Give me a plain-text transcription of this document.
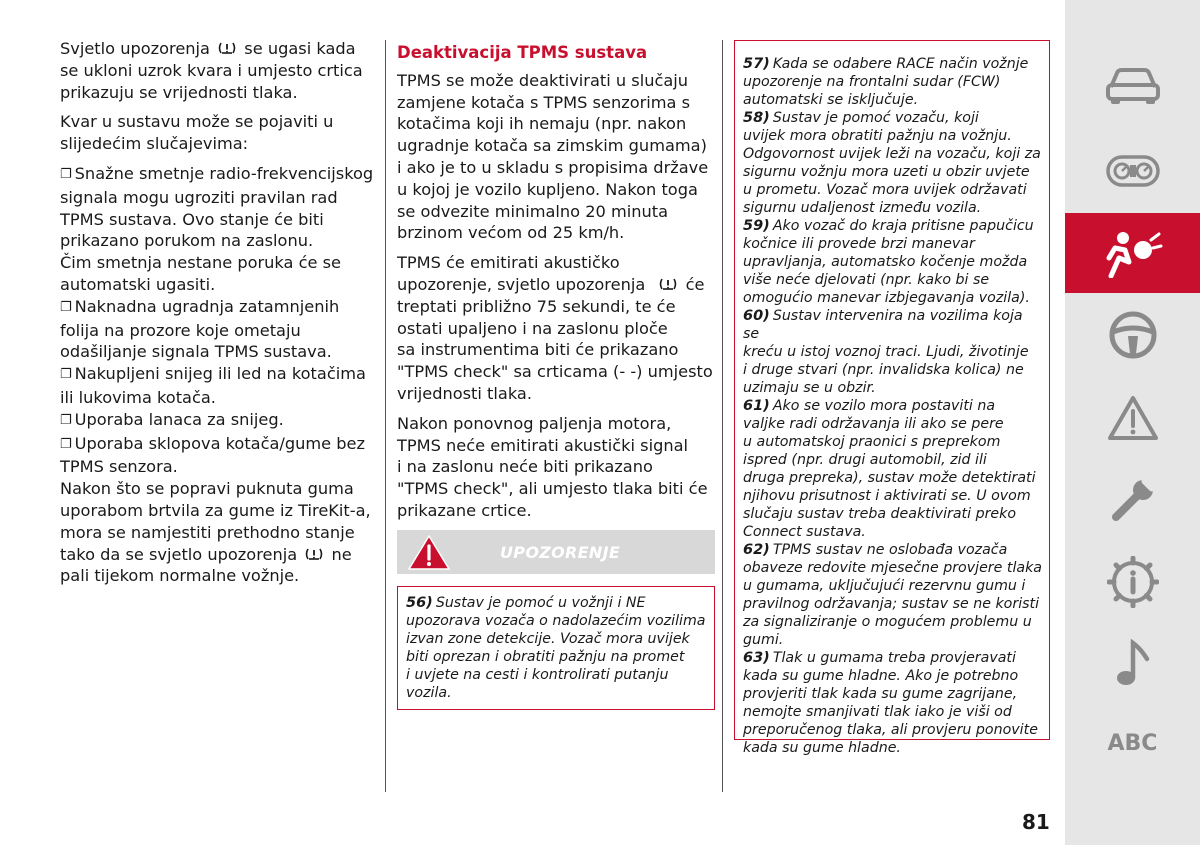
Svjetlo upozorenja se ugasi kada
se ukloni uzrok kvara i umjesto crtica
prikazuju se vrijednosti tlaka.
Kvar u sustavu može se pojaviti u
slijedećim slučajevima:
❐ Snažne smetnje radio-frekvencijskog
signala mogu ugroziti pravilan rad
TPMS sustava. Ovo stanje će biti
prikazano porukom na zaslonu.
Čim smetnja nestane poruka će se
automatski ugasiti.
❐ Naknadna ugradnja zatamnjenih
folija na prozore koje ometaju
odašiljanje signala TPMS sustava.
❐ Nakupljeni snijeg ili led na kotačima
ili lukovima kotača.
❐ Uporaba lanaca za snijeg.
❐ Uporaba sklopova kotača/gume bez
TPMS senzora.
Nakon što se popravi puknuta guma
uporabom brtvila za gume iz TireKit-a,
mora se namjestiti prethodno stanje
tako da se svjetlo upozorenja ne
pali tijekom normalne vožnje.
Deaktivacija TPMS sustava
TPMS se može deaktivirati u slučaju
zamjene kotača s TPMS senzorima s
kotačima koji ih nemaju (npr. nakon
ugradnje kotača sa zimskim gumama)
i ako je to u skladu s propisima države
u kojoj je vozilo kupljeno. Nakon toga
se odvezite minimalno 20 minuta
brzinom većom od 25 km/h.
TPMS će emitirati akustičko
upozorenje, svjetlo upozorenja će
treptati približno 75 sekundi, te će
ostati upaljeno i na zaslonu ploče
sa instrumentima biti će prikazano
"TPMS check" sa crticama (- -) umjesto
vrijednosti tlaka.
Nakon ponovnog paljenja motora,
TPMS neće emitirati akustički signal
i na zaslonu neće biti prikazano
"TPMS check", ali umjesto tlaka biti će
prikazane crtice.
UPOZORENJE
56) Sustav je pomoć u vožnji i NE
upozorava vozača o nadolazećim vozilima
izvan zone detekcije. Vozač mora uvijek
biti oprezan i obratiti pažnju na promet
i uvjete na cesti i kontrolirati putanju
vozila.
57) Kada se odabere RACE način vožnje
upozorenje na frontalni sudar (FCW)
automatski se isključuje.
58) Sustav je pomoć vozaču, koji
uvijek mora obratiti pažnju na vožnju.
Odgovornost uvijek leži na vozaču, koji za
sigurnu vožnju mora uzeti u obzir uvjete
u prometu. Vozač mora uvijek održavati
sigurnu udaljenost između vozila.
59) Ako vozač do kraja pritisne papučicu
kočnice ili provede brzi manevar
upravljanja, automatsko kočenje možda
više neće djelovati (npr. kako bi se
omogućio manevar izbjegavanja vozila).
60) Sustav intervenira na vozilima koja se
kreću u istoj voznoj traci. Ljudi, životinje
i druge stvari (npr. invalidska kolica) ne
uzimaju se u obzir.
61) Ako se vozilo mora postaviti na
valjke radi održavanja ili ako se pere
u automatskoj praonici s preprekom
ispred (npr. drugi automobil, zid ili
druga prepreka), sustav može detektirati
njihovu prisutnost i aktivirati se. U ovom
slučaju sustav treba deaktivirati preko
Connect sustava.
62) TPMS sustav ne oslobađa vozača
obaveze redovite mjesečne provjere tlaka
u gumama, uključujući rezervnu gumu i
pravilnog održavanja; sustav se ne koristi
za signaliziranje o mogućem problemu u
gumi.
63) Tlak u gumama treba provjeravati
kada su gume hladne. Ako je potrebno
provjeriti tlak kada su gume zagrijane,
nemojte smanjivati tlak iako je viši od
preporučenog tlaka, ali provjeru ponovite
kada su gume hladne.	ABC
81
